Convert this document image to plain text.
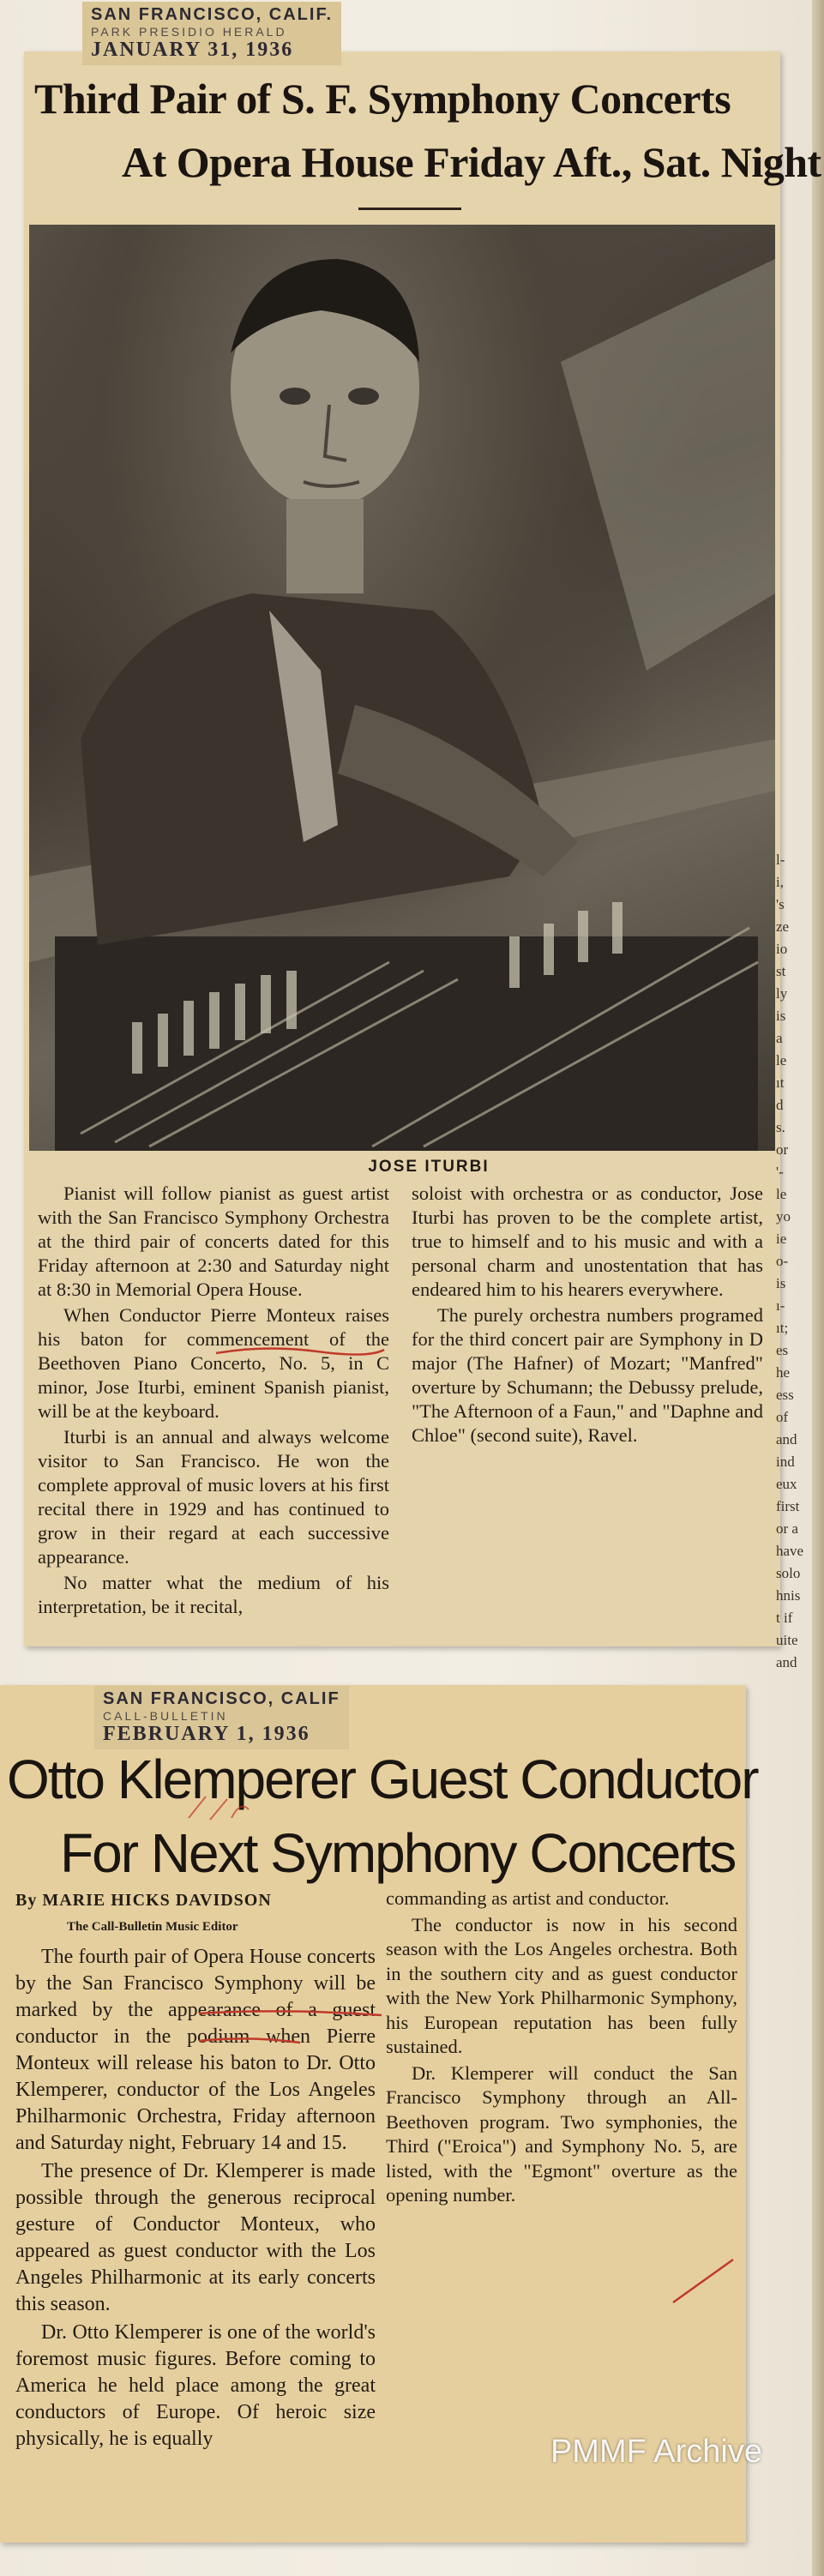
SAN FRANCISCO, CALIF.
PARK PRESIDIO HERALD
JANUARY 31, 1936
Third Pair of S. F. Symphony Concerts
At Opera House Friday Aft., Sat. Night
JOSE ITURBI

Pianist will follow pianist as guest artist with the San Francisco Symphony Orchestra at the third pair of concerts dated for this Friday afternoon at 2:30 and Saturday night at 8:30 in Memorial Opera House.

When Conductor Pierre Monteux raises his baton for commencement of the Beethoven Piano Concerto, No. 5, in C minor, Jose Iturbi, eminent Spanish pianist, will be at the keyboard.

Iturbi is an annual and always welcome visitor to San Francisco. He won the complete approval of music lovers at his first recital there in 1929 and has continued to grow in their regard at each successive appearance.

No matter what the medium of his interpretation, be it recital,

soloist with orchestra or as conductor, Jose Iturbi has proven to be the complete artist, true to himself and to his music and with a personal charm and unostentation that has endeared him to his hearers everywhere.

The purely orchestra numbers programed for the third concert pair are Symphony in D major (The Hafner) of Mozart; "Manfred" overture by Schumann; the Debussy prelude, "The Afternoon of a Faun," and "Daphne and Chloe" (second suite), Ravel.

l-
i,
's
ze
io
st
ly
is
a
le
ıt
d
s.
or
'-
le
yo
ie
o-
is
ı-
ıt;
es
he
ess
of
and
ind
eux
first
or a
have
solo
hnis
t if
uite
and
SAN FRANCISCO, CALIF
CALL-BULLETIN
FEBRUARY 1, 1936
Otto Klemperer Guest Conductor
For Next Symphony Concerts
By MARIE HICKS DAVIDSON
The Call-Bulletin Music Editor

The fourth pair of Opera House concerts by the San Francisco Symphony will be marked by the appearance of a guest conductor in the podium when Pierre Monteux will release his baton to Dr. Otto Klemperer, conductor of the Los Angeles Philharmonic Orchestra, Friday afternoon and Saturday night, February 14 and 15.

The presence of Dr. Klemperer is made possible through the generous reciprocal gesture of Conductor Monteux, who appeared as guest conductor with the Los Angeles Philharmonic at its early concerts this season.

Dr. Otto Klemperer is one of the world's foremost music figures. Before coming to America he held place among the great conductors of Europe. Of heroic size physically, he is equally

commanding as artist and conductor.

The conductor is now in his second season with the Los Angeles orchestra. Both in the southern city and as guest conductor with the New York Philharmonic Symphony, his European reputation has been fully sustained.

Dr. Klemperer will conduct the San Francisco Symphony through an All-Beethoven program. Two symphonies, the Third ("Eroica") and Symphony No. 5, are listed, with the "Egmont" overture as the opening number.

PMMF Archive
